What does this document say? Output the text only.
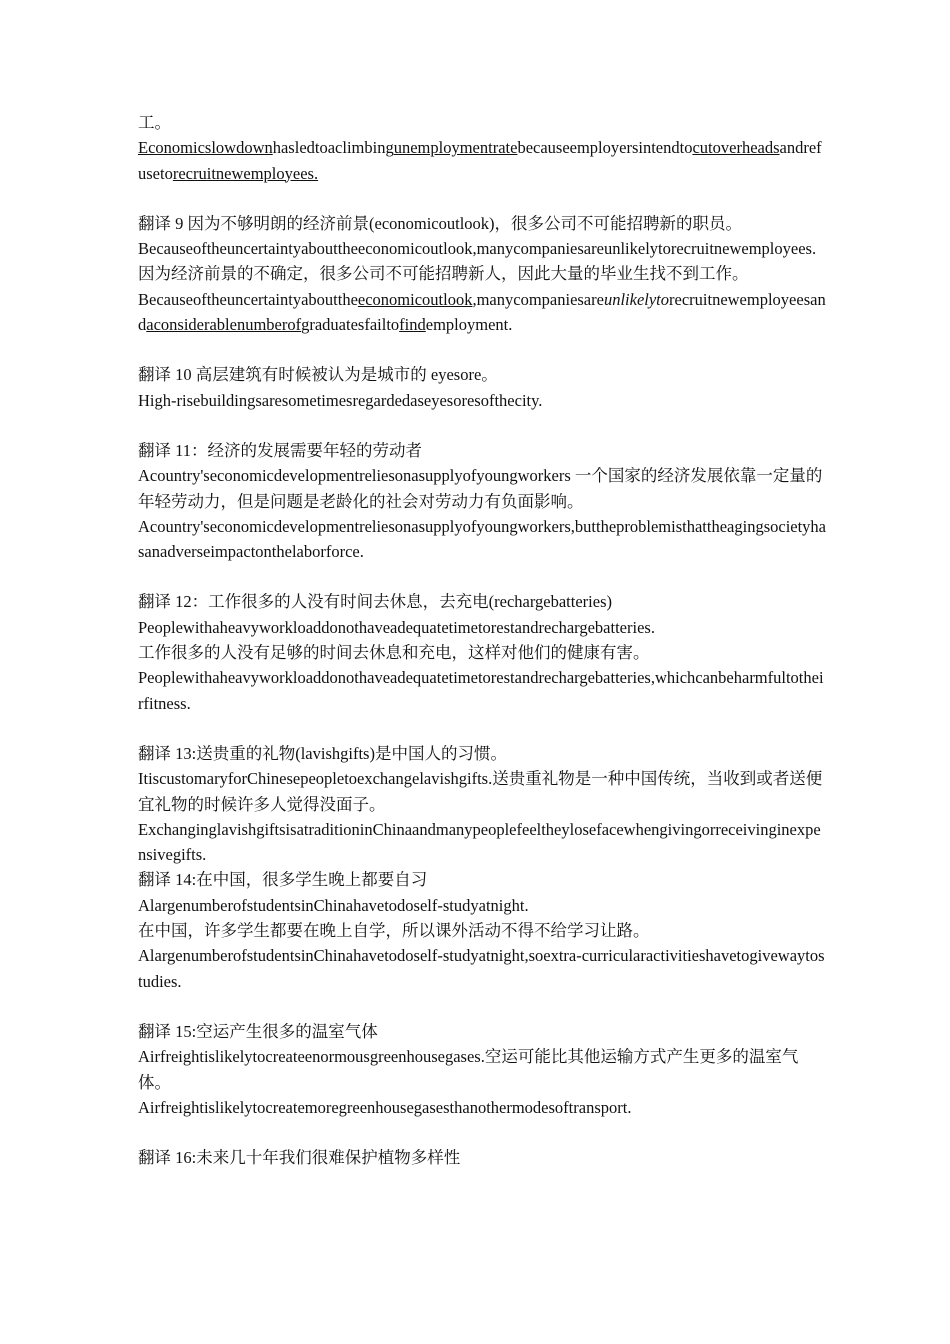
工。
Economicslowdownhasledtoaclimbingunemploymentratebecauseemployersintendtocutoverheadsandrefusetorecruitnewemployees.
翻译 9 因为不够明朗的经济前景(economicoutlook)，很多公司不可能招聘新的职员。
Becauseoftheuncertaintyabouttheeconomicoutlook,manycompaniesareunlikelytorecruitnewemployees.
因为经济前景的不确定，很多公司不可能招聘新人，因此大量的毕业生找不到工作。
Becauseoftheuncertaintyabouttheeconomicoutlook,manycompaniesareunlikelytorecruitnewemployeesandaconsiderablenumberofgraduatesfailtofindemployment.
翻译 10 高层建筑有时候被认为是城市的 eyesore。
High-risebuildingsaresometimesregardedaseyesoresofthecity.
翻译 11：经济的发展需要年轻的劳动者
Acountry'seconomicdevelopmentreliesonasupplyofyoungworkers 一个国家的经济发展依靠一定量的年轻劳动力，但是问题是老龄化的社会对劳动力有负面影响。
Acountry'seconomicdevelopmentreliesonasupplyofyoungworkers,buttheproblemisthattheagingsocietyhasanadverseimpactonthelaborforce.
翻译 12：工作很多的人没有时间去休息，去充电(rechargebatteries)
Peoplewithaheavyworkloaddonothaveadequatetimetorestandrechargebatteries.
工作很多的人没有足够的时间去休息和充电，这样对他们的健康有害。
Peoplewithaheavyworkloaddonothaveadequatetimetorestandrechargebatteries,whichcanbeharmfultotheirfitness.
翻译 13:送贵重的礼物(lavishgifts)是中国人的习惯。
ItiscustomaryforChinesepeopletoexchangelavishgifts.送贵重礼物是一种中国传统，当收到或者送便宜礼物的时候许多人觉得没面子。
ExchanginglavishgiftsisatraditioninChinaandmanypeoplefeeltheylosefacewhengivingorreceivinginexpensivegifts.
翻译 14:在中国，很多学生晚上都要自习
AlargenumberofstudentsinChinahavetodoself-studyatnight.
在中国，许多学生都要在晚上自学，所以课外活动不得不给学习让路。
AlargenumberofstudentsinChinahavetodoself-studyatnight,soextra-curricularactivitieshavetogivewaytostudies.
翻译 15:空运产生很多的温室气体
Airfreightislikelytocreateenormousgreenhousegases.空运可能比其他运输方式产生更多的温室气体。
Airfreightislikelytocreatemoregreenhousegasesthanothermodesoftransport.
翻译 16:未来几十年我们很难保护植物多样性
